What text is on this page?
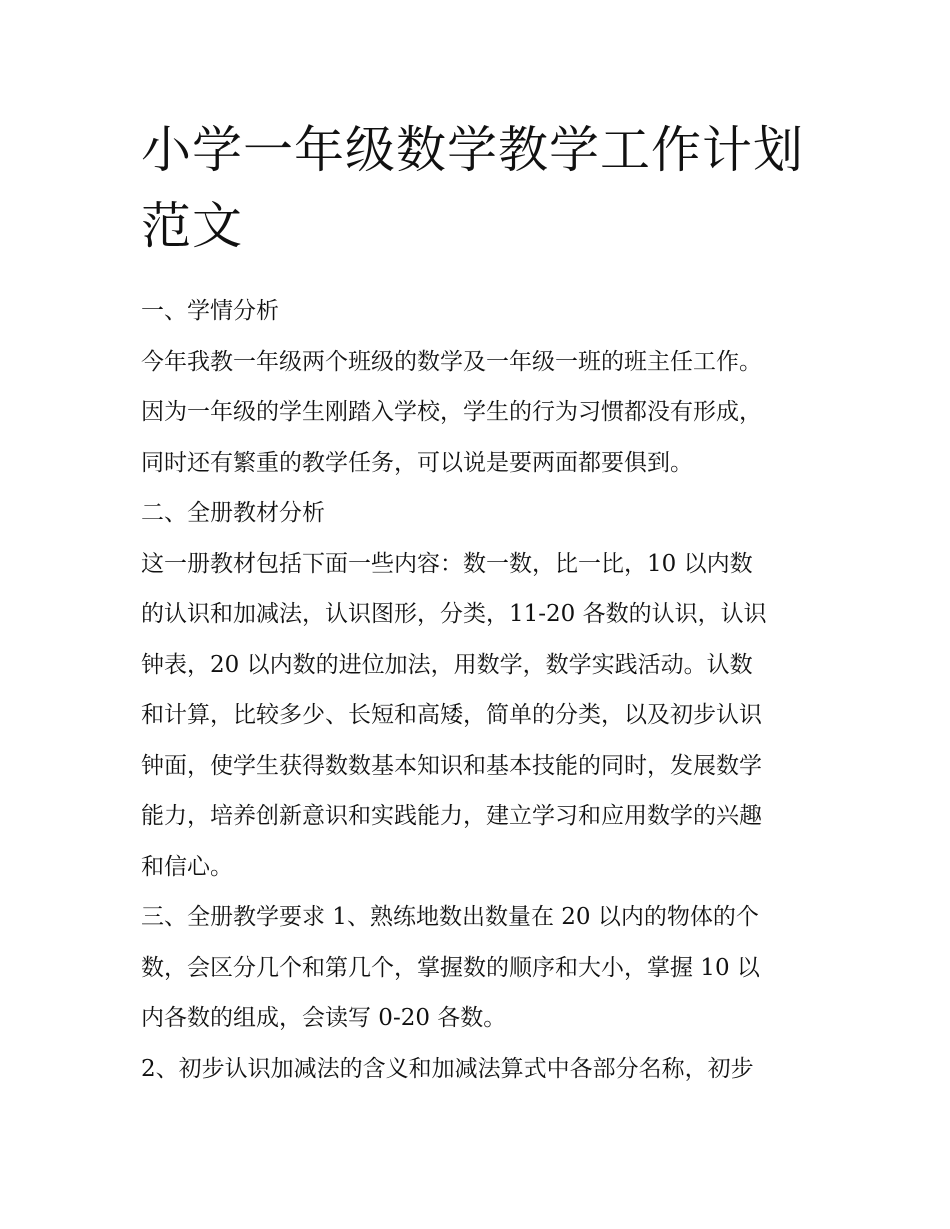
小学一年级数学教学工作计划
范文

一、学情分析

今年我教一年级两个班级的数学及一年级一班的班主任工作。

因为一年级的学生刚踏入学校，学生的行为习惯都没有形成，

同时还有繁重的教学任务，可以说是要两面都要俱到。

二、全册教材分析

这一册教材包括下面一些内容：数一数，比一比，10 以内数

的认识和加减法，认识图形，分类，11-20 各数的认识，认识

钟表，20 以内数的进位加法，用数学，数学实践活动。认数

和计算，比较多少、长短和高矮，简单的分类，以及初步认识

钟面，使学生获得数数基本知识和基本技能的同时，发展数学

能力，培养创新意识和实践能力，建立学习和应用数学的兴趣

和信心。

三、全册教学要求 1、熟练地数出数量在 20 以内的物体的个

数，会区分几个和第几个，掌握数的顺序和大小，掌握 10 以

内各数的组成，会读写 0-20 各数。

2、初步认识加减法的含义和加减法算式中各部分名称，初步
